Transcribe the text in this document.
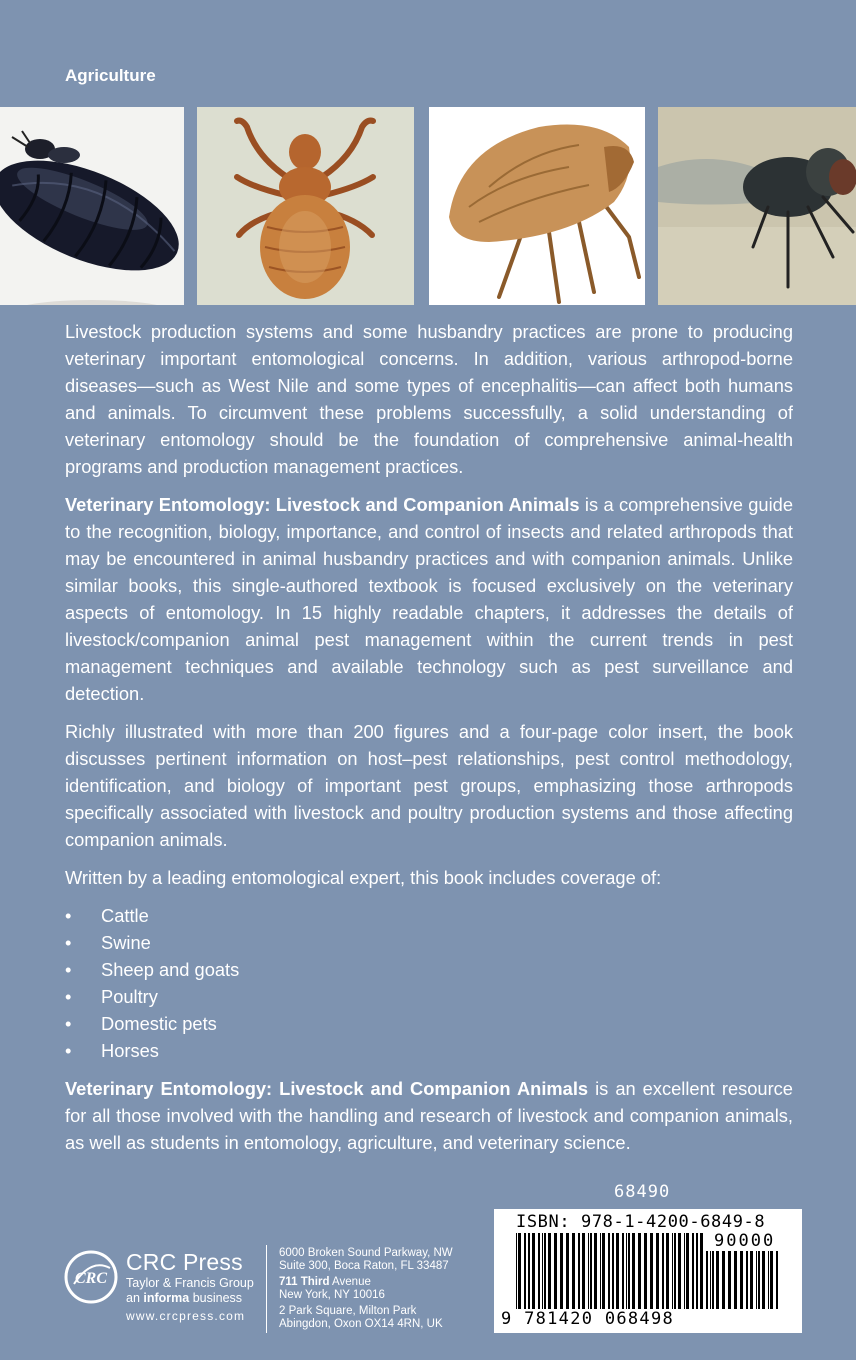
Agriculture

Livestock production systems and some husbandry practices are prone to producing veterinary important entomological concerns. In addition, various arthropod-borne diseases—such as West Nile and some types of encephalitis—can affect both humans and animals. To circumvent these problems successfully, a solid understanding of veterinary entomology should be the foundation of comprehensive animal-health programs and production management practices.

Veterinary Entomology: Livestock and Companion Animals is a comprehensive guide to the recognition, biology, importance, and control of insects and related arthropods that may be encountered in animal husbandry practices and with companion animals. Unlike similar books, this single-authored textbook is focused exclusively on the veterinary aspects of entomology. In 15 highly readable chapters, it addresses the details of livestock/companion animal pest management within the current trends in pest management techniques and available technology such as pest surveillance and detection.

Richly illustrated with more than 200 figures and a four-page color insert, the book discusses pertinent information on host–pest relationships, pest control methodology, identification, and biology of important pest groups, emphasizing those arthropods specifically associated with livestock and poultry production systems and those affecting companion animals.

Written by a leading entomological expert, this book includes coverage of:

• Cattle
• Swine
• Sheep and goats
• Poultry
• Domestic pets
• Horses

Veterinary Entomology: Livestock and Companion Animals is an excellent resource for all those involved with the handling and research of livestock and companion animals, as well as students in entomology, agriculture, and veterinary science.

CRC
CRC Press
Taylor & Francis Group
an informa business
www.crcpress.com
6000 Broken Sound Parkway, NW
Suite 300, Boca Raton, FL 33487
711 Third Avenue
New York, NY 10016
2 Park Square, Milton Park
Abingdon, Oxon OX14 4RN, UK
68490
ISBN: 978-1-4200-6849-8
90000
9 781420 068498
